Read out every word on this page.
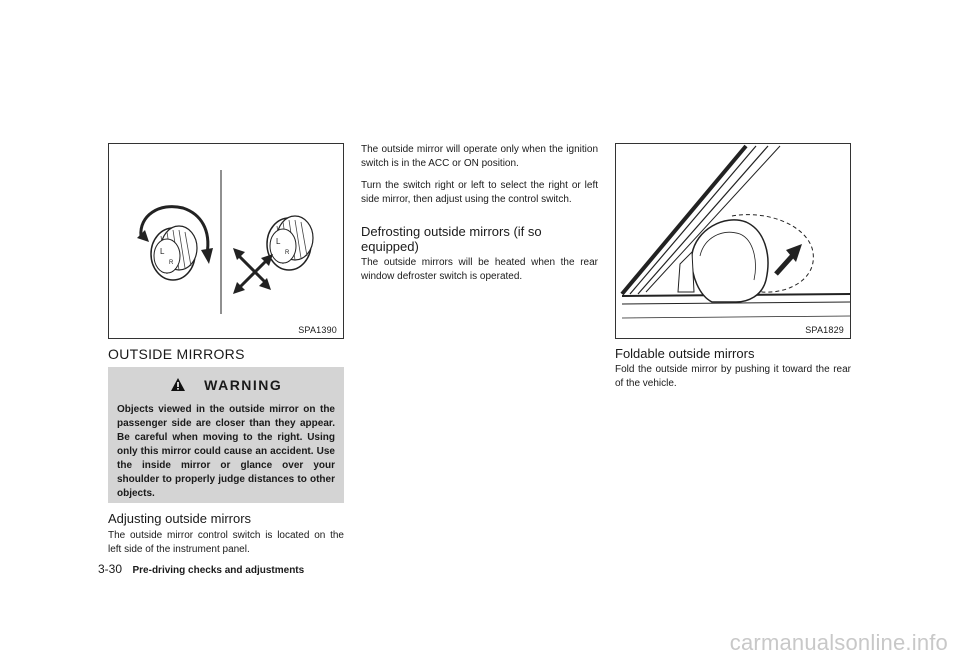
L
R
L
R
SPA1390
OUTSIDE MIRRORS
WARNING
Objects viewed in the outside mirror on the passenger side are closer than they appear. Be careful when moving to the right. Using only this mirror could cause an accident. Use the inside mirror or glance over your shoulder to properly judge distances to other objects.
Adjusting outside mirrors
The outside mirror control switch is located on the left side of the instrument panel.
The outside mirror will operate only when the ignition switch is in the ACC or ON position.
Turn the switch right or left to select the right or left side mirror, then adjust using the control switch.
Defrosting outside mirrors (if so equipped)
The outside mirrors will be heated when the rear window defroster switch is operated.
SPA1829
Foldable outside mirrors
Fold the outside mirror by pushing it toward the rear of the vehicle.
3-30 Pre-driving checks and adjustments
carmanualsonline.info
